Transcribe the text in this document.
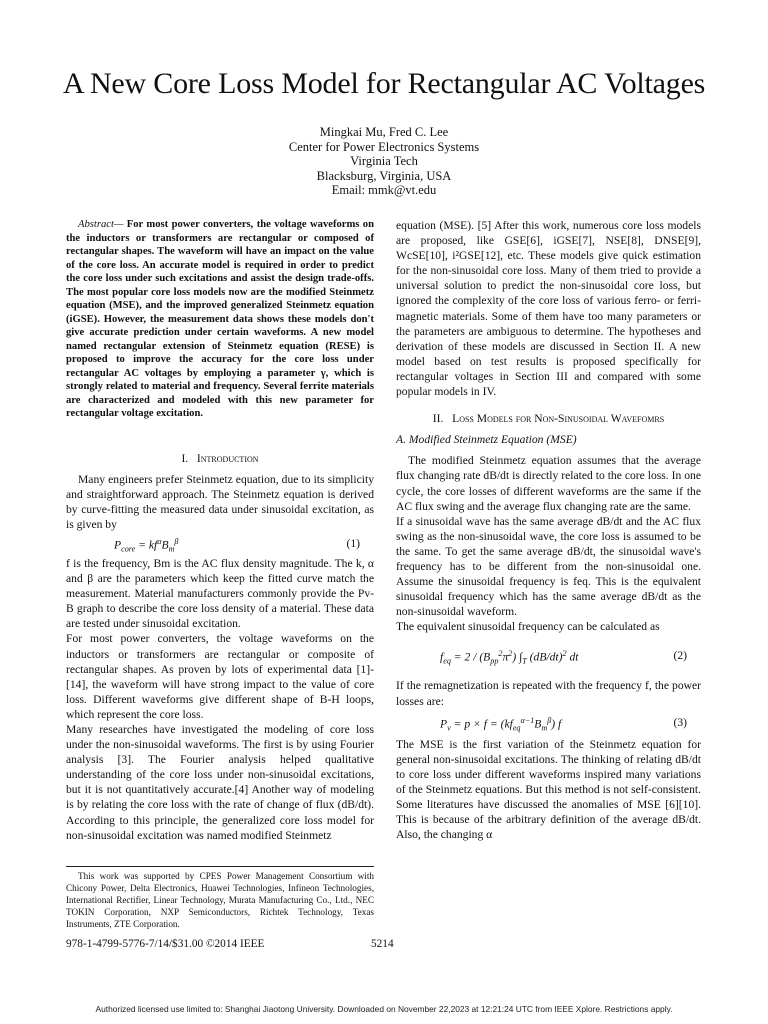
A New Core Loss Model for Rectangular AC Voltages
Mingkai Mu, Fred C. Lee
Center for Power Electronics Systems
Virginia Tech
Blacksburg, Virginia, USA
Email: mmk@vt.edu

Abstract— For most power converters, the voltage waveforms on the inductors or transformers are rectangular or composed of rectangular shapes. The waveform will have an impact on the value of the core loss. An accurate model is required in order to predict the core loss under such excitations and assist the design trade-offs. The most popular core loss models now are the modified Steinmetz equation (MSE), and the improved generalized Steinmetz equation (iGSE). However, the measurement data shows these models don't give accurate prediction under certain waveforms. A new model named rectangular extension of Steinmetz equation (RESE) is proposed to improve the accuracy for the core loss under rectangular AC voltages by employing a parameter γ, which is strongly related to material and frequency. Several ferrite materials are characterized and modeled with this new parameter for rectangular voltage excitation.

I. Introduction

Many engineers prefer Steinmetz equation, due to its simplicity and straightforward approach. The Steinmetz equation is derived by curve-fitting the measured data under sinusoidal excitation, as is given by

$P_{core} = kf^\alpha B_m^\beta$	(1)

f is the frequency, Bm is the AC flux density magnitude. The k, α and β are the parameters which keep the fitted curve match the measurement. Material manufacturers commonly provide the Pv-B graph to describe the core loss density of a material. These data are tested under sinusoidal excitation.

For most power converters, the voltage waveforms on the inductors or transformers are rectangular or composite of rectangular shapes. As proven by lots of experimental data [1]-[14], the waveform will have strong impact to the value of core loss. Different waveforms give different shape of B-H loops, which represent the core loss.

Many researches have investigated the modeling of core loss under the non-sinusoidal waveforms. The first is by using Fourier analysis [3]. The Fourier analysis helped qualitative understanding of the core loss under non-sinusoidal excitations, but it is not quantitatively accurate.[4] Another way of modeling is by relating the core loss with the rate of change of flux (dB/dt). According to this principle, the generalized core loss model for non-sinusoidal excitation was named modified Steinmetz

equation (MSE). [5] After this work, numerous core loss models are proposed, like GSE[6], iGSE[7], NSE[8], DNSE[9], WcSE[10], i²GSE[12], etc. These models give quick estimation for the non-sinusoidal core loss. Many of them tried to provide a universal solution to predict the non-sinusoidal core loss, but ignored the complexity of the core loss of various ferro- or ferri-magnetic materials. Some of them have too many parameters or the parameters are ambiguous to determine. The hypotheses and derivation of these models are discussed in Section II. A new model based on test results is proposed specifically for rectangular voltages in Section III and compared with some popular models in IV.

II. Loss Models for Non-Sinusoidal Wavefomrs
A. Modified Steinmetz Equation (MSE)

The modified Steinmetz equation assumes that the average flux changing rate dB/dt is directly related to the core loss. In one cycle, the core losses of different waveforms are the same if the AC flux swing and the average flux changing rate are the same.

If a sinusoidal wave has the same average dB/dt and the AC flux swing as the non-sinusoidal wave, the core loss is assumed to be the same. To get the same average dB/dt, the sinusoidal wave's frequency has to be different from the non-sinusoidal one. Assume the sinusoidal frequency is feq. This is the equivalent sinusoidal frequency which has the same average dB/dt as the non-sinusoidal waveform.

The equivalent sinusoidal frequency can be calculated as

$f_{eq} = 2 / (B_{pp}^2\pi^2)$ $\int_T$ $(dB/dt)^2$ dt	(2)

If the remagnetization is repeated with the frequency f, the power losses are:

$P_v = p \times f = (kf_{eq}^{\alpha-1}B_m^\beta)$ f	(3)

The MSE is the first variation of the Steinmetz equation for general non-sinusoidal excitations. The thinking of relating dB/dt to core loss under different waveforms inspired many variations of the Steinmetz equations. But this method is not self-consistent. Some literatures have discussed the anomalies of MSE [6][10]. This is because of the arbitrary definition of the average dB/dt. Also, the changing α

This work was supported by CPES Power Management Consortium with Chicony Power, Delta Electronics, Huawei Technologies, Infineon Technologies, International Rectifier, Linear Technology, Murata Manufacturing Co., Ltd., NEC TOKIN Corporation, NXP Semiconductors, Richtek Technology, Texas Instruments, ZTE Corporation.

978-1-4799-5776-7/14/$31.00 ©2014 IEEE	5214
Authorized licensed use limited to: Shanghai Jiaotong University. Downloaded on November 22,2023 at 12:21:24 UTC from IEEE Xplore. Restrictions apply.
